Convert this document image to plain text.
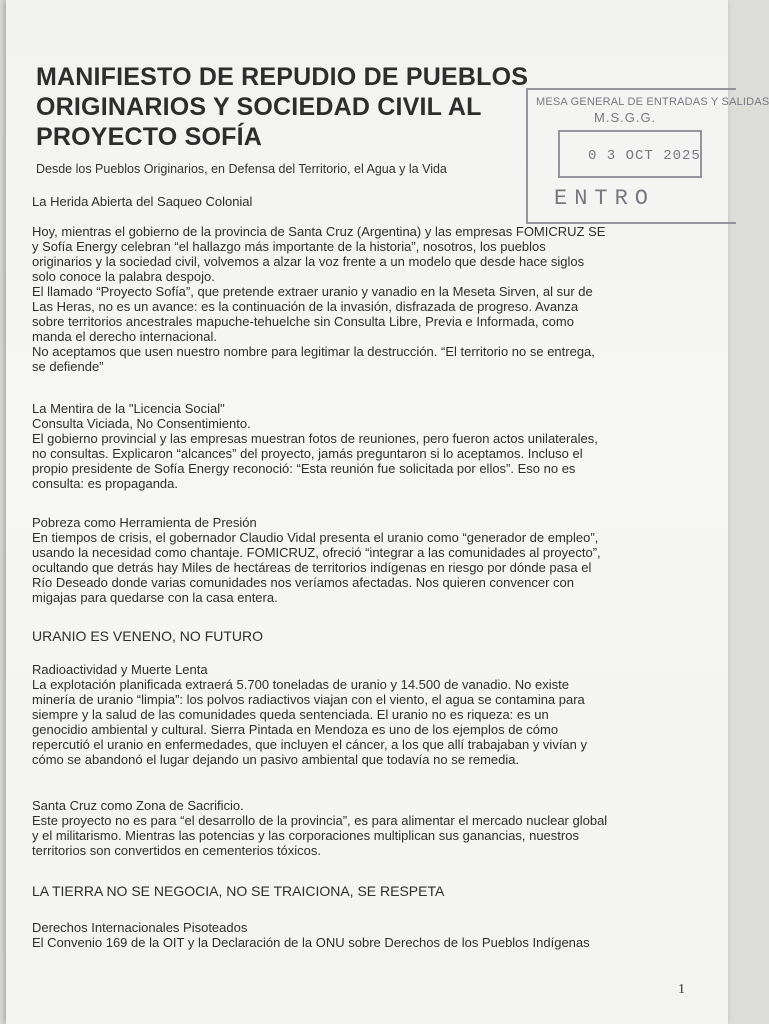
MANIFIESTO DE REPUDIO DE PUEBLOS
ORIGINARIOS Y SOCIEDAD CIVIL AL
PROYECTO SOFÍA
Desde los Pueblos Originarios, en Defensa del Territorio, el Agua y la Vida
MESA GENERAL DE ENTRADAS Y SALIDAS
M.S.G.G.
0 3 OCT 2025
ENTRO
La Herida Abierta del Saqueo Colonial
Hoy, mientras el gobierno de la provincia de Santa Cruz (Argentina) y las empresas FOMICRUZ SE
y Sofía Energy celebran “el hallazgo más importante de la historia”, nosotros, los pueblos
originarios y la sociedad civil, volvemos a alzar la voz frente a un modelo que desde hace siglos
solo conoce la palabra despojo.
El llamado “Proyecto Sofía”, que pretende extraer uranio y vanadio en la Meseta Sirven, al sur de
Las Heras, no es un avance: es la continuación de la invasión, disfrazada de progreso. Avanza
sobre territorios ancestrales mapuche-tehuelche sin Consulta Libre, Previa e Informada, como
manda el derecho internacional.
No aceptamos que usen nuestro nombre para legitimar la destrucción. “El territorio no se entrega,
se defiende”
La Mentira de la "Licencia Social"
Consulta Viciada, No Consentimiento.
El gobierno provincial y las empresas muestran fotos de reuniones, pero fueron actos unilaterales,
no consultas. Explicaron “alcances” del proyecto, jamás preguntaron si lo aceptamos. Incluso el
propio presidente de Sofía Energy reconoció: “Esta reunión fue solicitada por ellos”. Eso no es
consulta: es propaganda.
Pobreza como Herramienta de Presión
En tiempos de crisis, el gobernador Claudio Vidal presenta el uranio como “generador de empleo”,
usando la necesidad como chantaje. FOMICRUZ, ofreció “integrar a las comunidades al proyecto”,
ocultando que detrás hay Miles de hectáreas de territorios indígenas en riesgo por dónde pasa el
Río Deseado donde varias comunidades nos veríamos afectadas. Nos quieren convencer con
migajas para quedarse con la casa entera.
URANIO ES VENENO, NO FUTURO
Radioactividad y Muerte Lenta
La explotación planificada extraerá 5.700 toneladas de uranio y 14.500 de vanadio. No existe
minería de uranio “limpia”: los polvos radiactivos viajan con el viento, el agua se contamina para
siempre y la salud de las comunidades queda sentenciada. El uranio no es riqueza: es un
genocidio ambiental y cultural. Sierra Pintada en Mendoza es uno de los ejemplos de cómo
repercutió el uranio en enfermedades, que incluyen el cáncer, a los que allí trabajaban y vivían y
cómo se abandonó el lugar dejando un pasivo ambiental que todavía no se remedia.
Santa Cruz como Zona de Sacrificio.
Este proyecto no es para “el desarrollo de la provincia”, es para alimentar el mercado nuclear global
y el militarismo. Mientras las potencias y las corporaciones multiplican sus ganancias, nuestros
territorios son convertidos en cementerios tóxicos.
LA TIERRA NO SE NEGOCIA, NO SE TRAICIONA, SE RESPETA
Derechos Internacionales Pisoteados
El Convenio 169 de la OIT y la Declaración de la ONU sobre Derechos de los Pueblos Indígenas
1
